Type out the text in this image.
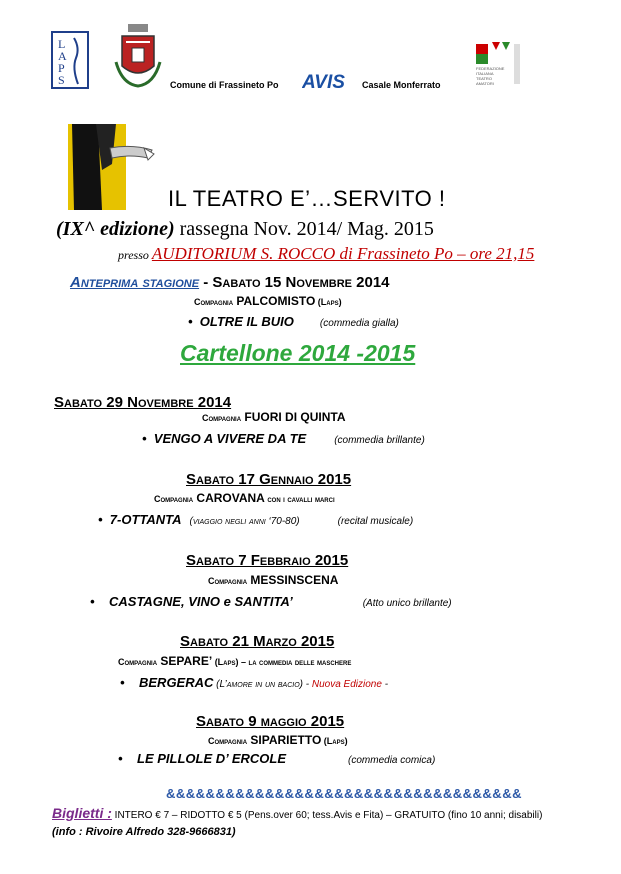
L
A
P
S	Comune di Frassineto Po AVIS Casale Monferrato
FEDERAZIONE
ITALIANA
TEATRO
AMATORI
IL TEATRO E’…SERVITO !
(IX^ edizione) rassegna Nov. 2014/ Mag. 2015
presso AUDITORIUM S. ROCCO di Frassineto Po – ore 21,15
Anteprima stagione - Sabato 15 Novembre 2014
Compagnia PALCOMISTO (Laps)
•  OLTRE IL BUIO	(commedia gialla)
Cartellone 2014 -2015
Sabato 29 Novembre 2014
Compagnia FUORI DI QUINTA
•  VENGO A VIVERE DA TE	(commedia brillante)
Sabato 17 Gennaio 2015
Compagnia CAROVANA con i cavalli marci
•  7-OTTANTA (viaggio negli anni ‘70-80)	(recital musicale)
Sabato 7 Febbraio 2015
Compagnia MESSINSCENA
•    CASTAGNE, VINO e SANTITA’	(Atto unico brillante)
Sabato 21 Marzo 2015
Compagnia SEPARE’ (Laps) – la commedia delle maschere
•    BERGERAC (L’amore in un bacio) - Nuova Edizione -
Sabato 9 maggio 2015
Compagnia SIPARIETTO (Laps)
•    LE PILLOLE D’ ERCOLE	(commedia comica)
&&&&&&&&&&&&&&&&&&&&&&&&&&&&&&&&&&&&
Biglietti : INTERO € 7 – RIDOTTO € 5 (Pens.over 60; tess.Avis e Fita) – GRATUITO (fino 10 anni; disabili)
(info : Rivoire Alfredo 328-9666831)
